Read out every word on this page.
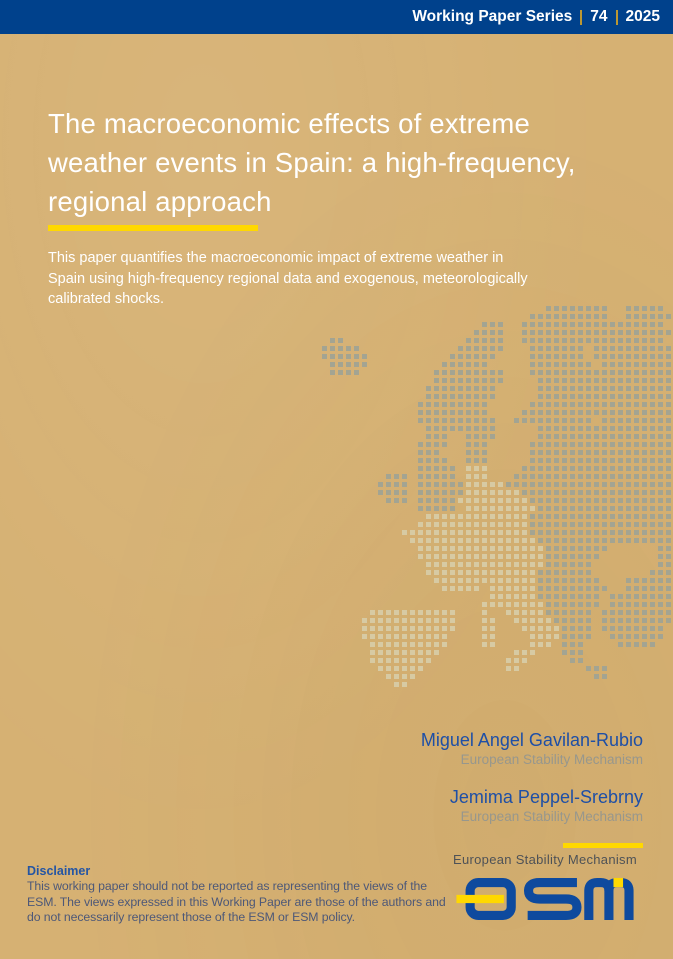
Working Paper Series 74 2025
The macroeconomic effects of extreme
weather events in Spain: a high-frequency,
regional approach
This paper quantifies the macroeconomic impact of extreme weather in
Spain using high-frequency regional data and exogenous, meteorologically
calibrated shocks.
Miguel Angel Gavilan-Rubio
European Stability Mechanism
Jemima Peppel-Srebrny
European Stability Mechanism
Disclaimer
This working paper should not be reported as representing the views of the
ESM. The views expressed in this Working Paper are those of the authors and
do not necessarily represent those of the ESM or ESM policy.
European Stability Mechanism
